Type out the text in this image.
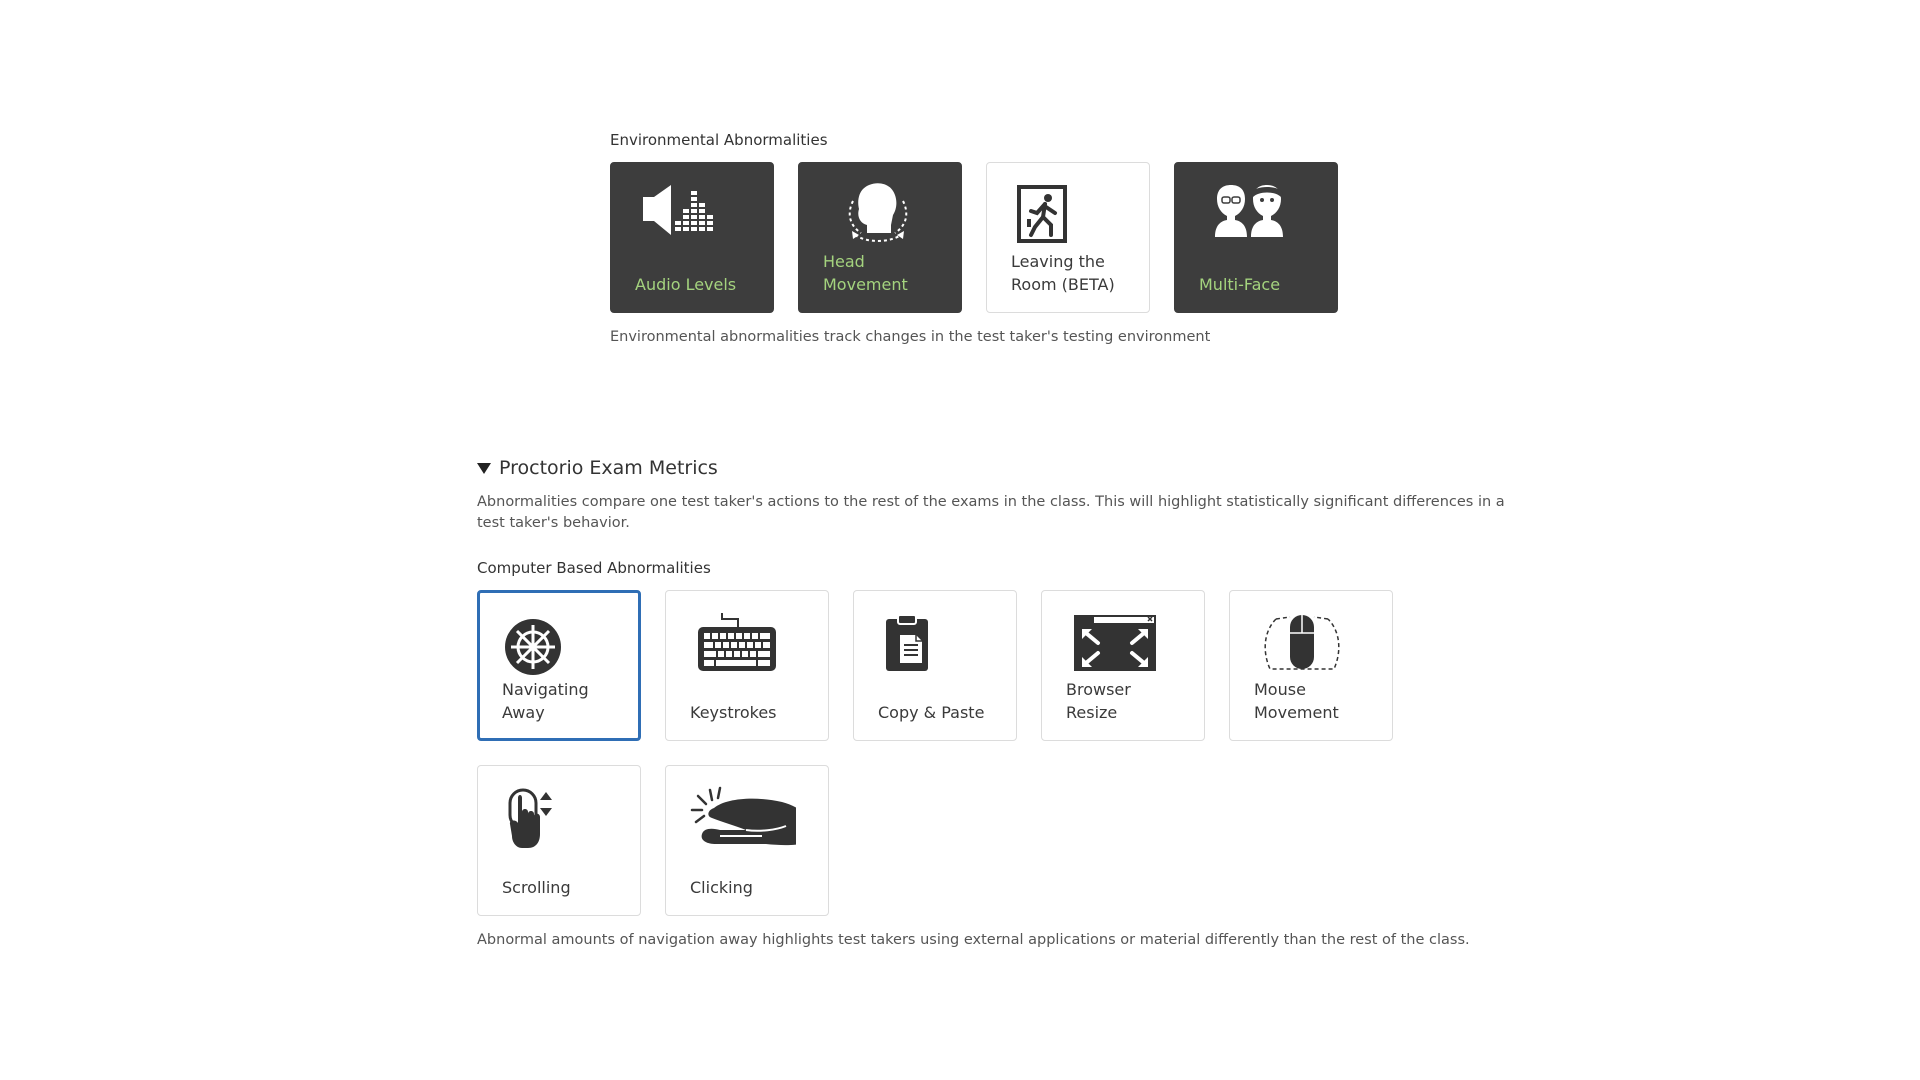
Environmental Abnormalities
Audio Levels
Head
Movement
Leaving the
Room (BETA)	Multi-Face
Environmental abnormalities track changes in the test taker's testing environment
Proctorio Exam Metrics
Abnormalities compare one test taker's actions to the rest of the exams in the class. This will highlight statistically significant differences in a test taker's behavior.
Computer Based Abnormalities
Navigating
Away	Keystrokes	Copy & Paste
Browser
Resize
Mouse
Movement
Scrolling	Clicking
Abnormal amounts of navigation away highlights test takers using external applications or material differently than the rest of the class.
